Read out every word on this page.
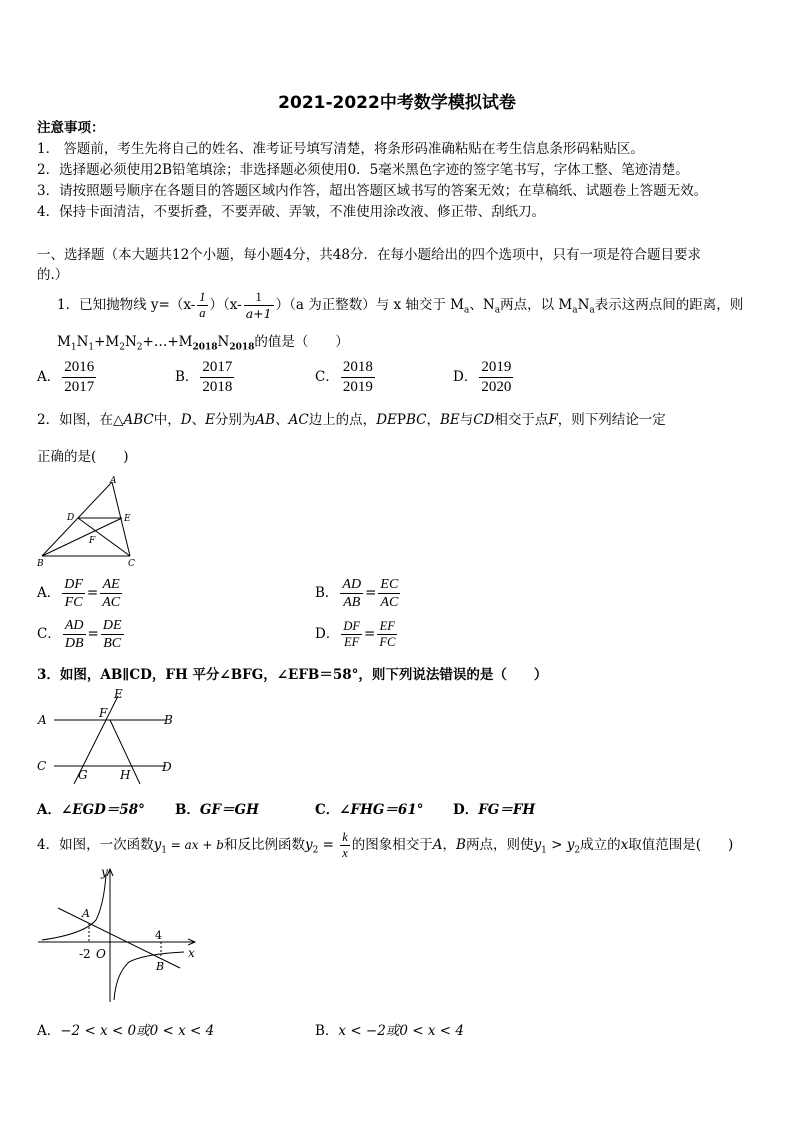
2021-2022中考数学模拟试卷
注意事项：
1． 答题前，考生先将自己的姓名、准考证号填写清楚，将条形码准确粘贴在考生信息条形码粘贴区。
2．选择题必须使用2B铅笔填涂；非选择题必须使用0．5毫米黑色字迹的签字笔书写，字体工整、笔迹清楚。
3．请按照题号顺序在各题目的答题区域内作答，超出答题区域书写的答案无效；在草稿纸、试题卷上答题无效。
4．保持卡面清洁，不要折叠，不要弄破、弄皱，不准使用涂改液、修正带、刮纸刀。
一、选择题（本大题共12个小题，每小题4分，共48分．在每小题给出的四个选项中，只有一项是符合题目要求
的.）
1．已知抛物线 $y=(x- \frac{1}{a} )(x- \frac{1}{a+1} )(a$ 为正整数）与 x 轴交于 $M_a$、$N_a$两点，以 $M_aN_a$表示这两点间的距离，则
$M_1N_1+M_2N_2+\dots+M_{2018}N_{2018}$的值是（　　）
A． $\frac{2016}{2017}$	B． $\frac{2017}{2018}$	C． $\frac{2018}{2019}$	D． $\frac{2019}{2020}$
2．如图，在△ABC中，D、E分别为AB、AC边上的点，DEPBC，BE与CD相交于点F，则下列结论一定
正确的是(　　)
A
D	E
F
B	C
A． $\frac{DF}{FC} = \frac{AE}{AC}$	B． $\frac{AD}{AB} = \frac{EC}{AC}$
C． $\frac{AD}{DB} = \frac{DE}{BC}$	D． $\frac{DF}{EF} = \frac{EF}{FC}$
3．如图，AB∥CD，FH 平分∠BFG，∠EFB＝58°，则下列说法错误的是（　　）
E
F
A	B
C	D
G	H
A．∠EGD＝58° B．GF＝GH	C．∠FHG＝61° D．FG＝FH
4．如图，一次函数$y_1$ = ax + b和反比例函数$y_2 = \frac{k}{x}$ 的图象相交于A，B两点，则使$y_1 > y_2$成立的x取值范围是(　　)
y
x
O
-2
4
A
B
A．−2 < x < 0或0 < x < 4	B．x < −2或0 < x < 4
